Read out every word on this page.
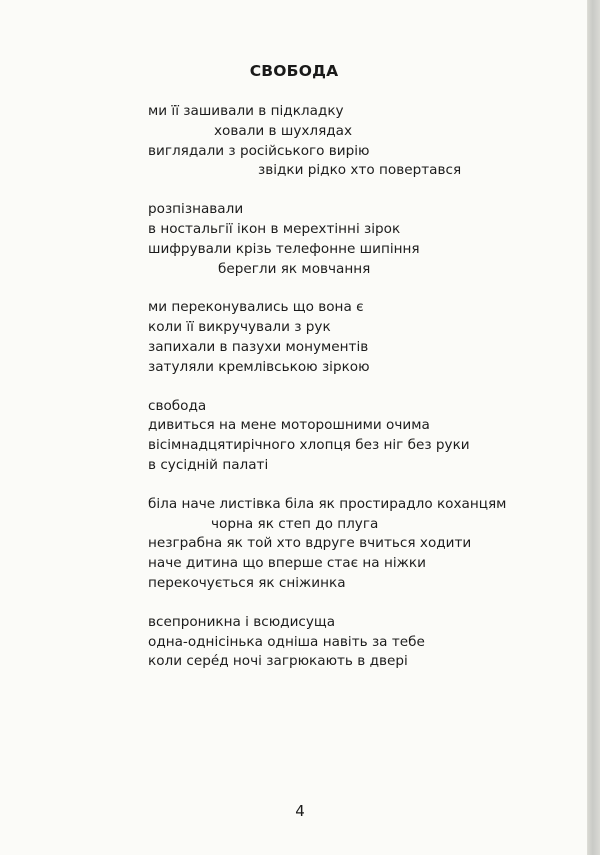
СВОБОДА
ми її зашивали в підкладку
ховали в шухлядах
виглядали з російського вирію
звідки рідко хто повертався
розпізнавали
в ностальгії ікон в мерехтінні зірок
шифрували крізь телефонне шипіння
берегли як мовчання
ми переконувались що вона є
коли її викручували з рук
запихали в пазухи монументів
затуляли кремлівською зіркою
свобода
дивиться на мене моторошними очима
вісімнадцятирічного хлопця без ніг без руки
в сусідній палаті
біла наче листівка біла як простирадло коханцям
чорна як степ до плуга
незграбна як той хто вдруге вчиться ходити
наче дитина що вперше стає на ніжки
перекочується як сніжинка
всепроникна і всюдисуща
одна-однісінька одніша навіть за тебе
коли серéд ночі загрюкають в двері
4
